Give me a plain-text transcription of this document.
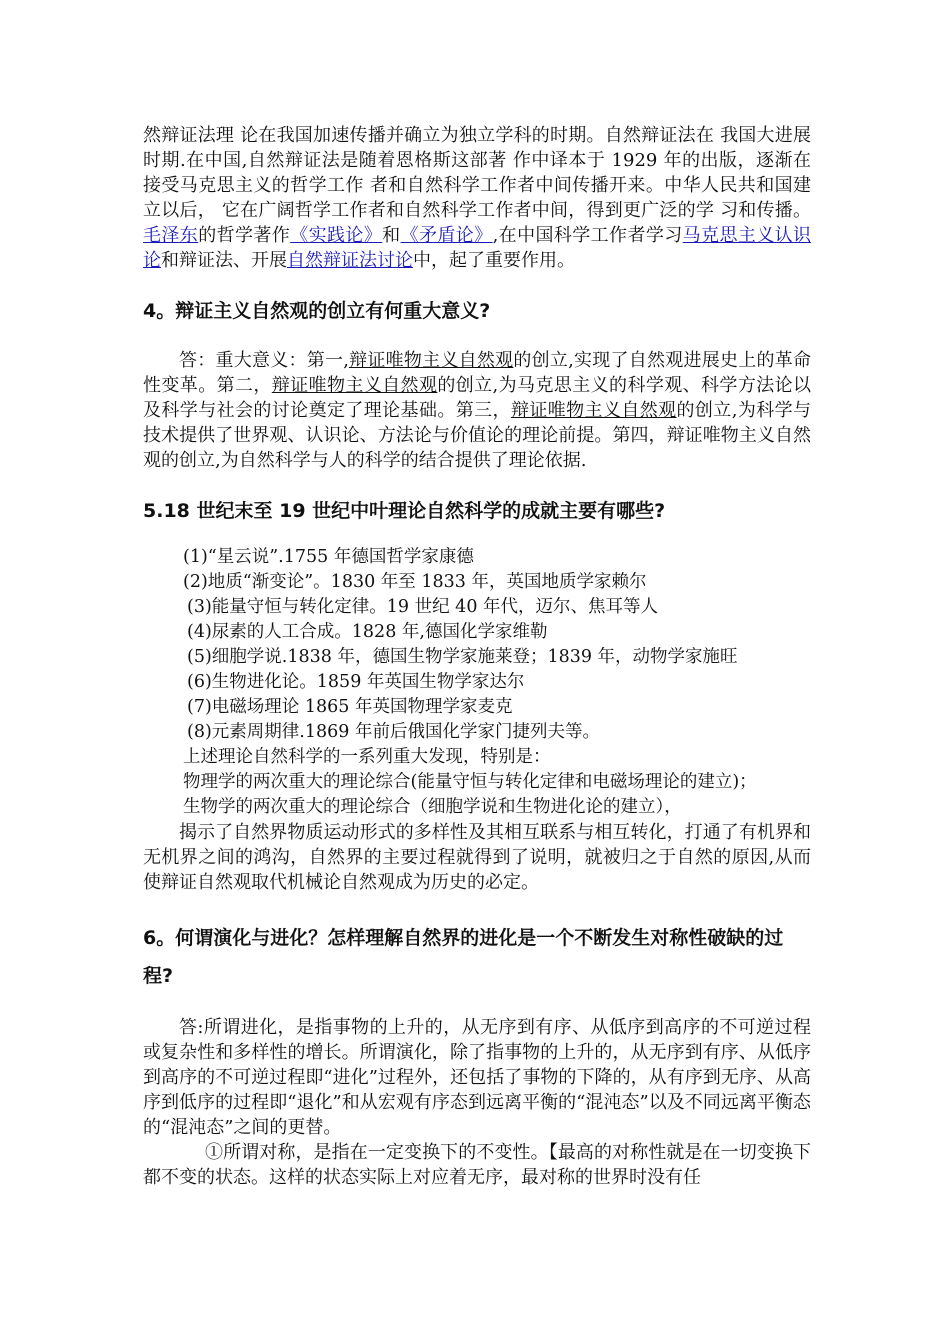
然辩证法理 论在我国加速传播并确立为独立学科的时期。自然辩证法在 我国大进展时期.在中国,自然辩证法是随着恩格斯这部著 作中译本于 1929 年的出版，逐渐在接受马克思主义的哲学工作 者和自然科学工作者中间传播开来。中华人民共和国建立以后， 它在广阔哲学工作者和自然科学工作者中间，得到更广泛的学 习和传播。毛泽东的哲学著作《实践论》和《矛盾论》,在中国科学工作者学习马克思主义认识论和辩证法、开展自然辩证法讨论中，起了重要作用。

4。辩证主义自然观的创立有何重大意义?

答：重大意义：第一,辩证唯物主义自然观的创立,实现了自然观进展史上的革命性变革。第二，辩证唯物主义自然观的创立,为马克思主义的科学观、科学方法论以及科学与社会的讨论奠定了理论基础。第三，辩证唯物主义自然观的创立,为科学与技术提供了世界观、认识论、方法论与价值论的理论前提。第四，辩证唯物主义自然观的创立,为自然科学与人的科学的结合提供了理论依据.

5.18 世纪末至 19 世纪中叶理论自然科学的成就主要有哪些?
(1)“星云说”.1755 年德国哲学家康德
(2)地质“渐变论”。1830 年至 1833 年，英国地质学家赖尔
(3)能量守恒与转化定律。19 世纪 40 年代，迈尔、焦耳等人
(4)尿素的人工合成。1828 年,德国化学家维勒
(5)细胞学说.1838 年，德国生物学家施莱登；1839 年，动物学家施旺
(6)生物进化论。1859 年英国生物学家达尔
(7)电磁场理论 1865 年英国物理学家麦克
(8)元素周期律.1869 年前后俄国化学家门捷列夫等。

上述理论自然科学的一系列重大发现，特别是：

物理学的两次重大的理论综合(能量守恒与转化定律和电磁场理论的建立)；

生物学的两次重大的理论综合（细胞学说和生物进化论的建立），

揭示了自然界物质运动形式的多样性及其相互联系与相互转化，打通了有机界和无机界之间的鸿沟，自然界的主要过程就得到了说明，就被归之于自然的原因,从而使辩证自然观取代机械论自然观成为历史的必定。

6。何谓演化与进化？怎样理解自然界的进化是一个不断发生对称性破缺的过程?

答:所谓进化，是指事物的上升的，从无序到有序、从低序到高序的不可逆过程或复杂性和多样性的增长。所谓演化，除了指事物的上升的，从无序到有序、从低序到高序的不可逆过程即“进化”过程外，还包括了事物的下降的，从有序到无序、从高序到低序的过程即“退化”和从宏观有序态到远离平衡的“混沌态”以及不同远离平衡态的“混沌态”之间的更替。

①所谓对称，是指在一定变换下的不变性。【最高的对称性就是在一切变换下都不变的状态。这样的状态实际上对应着无序，最对称的世界时没有任
